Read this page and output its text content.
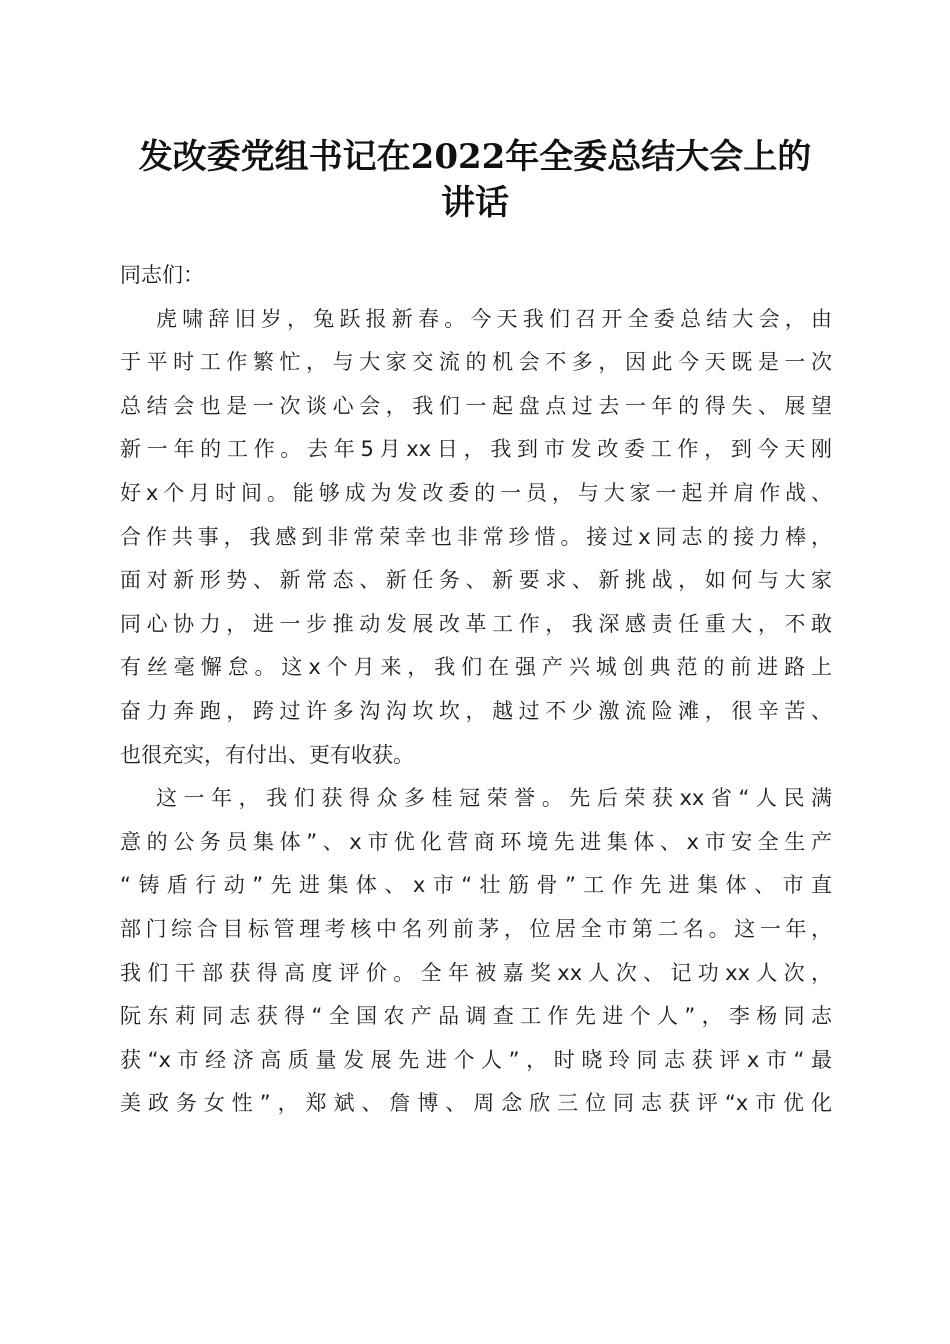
发改委党组书记在2022年全委总结大会上的
讲话
同志们：
虎啸辞旧岁，兔跃报新春。今天我们召开全委总结大会，由
于平时工作繁忙，与大家交流的机会不多，因此今天既是一次
总结会也是一次谈心会，我们一起盘点过去一年的得失、展望
新一年的工作。去年5月xx日，我到市发改委工作，到今天刚
好x个月时间。能够成为发改委的一员，与大家一起并肩作战、
合作共事，我感到非常荣幸也非常珍惜。接过x同志的接力棒，
面对新形势、新常态、新任务、新要求、新挑战，如何与大家
同心协力，进一步推动发展改革工作，我深感责任重大，不敢
有丝毫懈怠。这x个月来，我们在强产兴城创典范的前进路上
奋力奔跑，跨过许多沟沟坎坎，越过不少激流险滩，很辛苦、
也很充实，有付出、更有收获。
这一年，我们获得众多桂冠荣誉。先后荣获xx省“人民满
意的公务员集体”、x市优化营商环境先进集体、x市安全生产
“铸盾行动”先进集体、x市“壮筋骨”工作先进集体、市直
部门综合目标管理考核中名列前茅，位居全市第二名。这一年，
我们干部获得高度评价。全年被嘉奖xx人次、记功xx人次，
阮东莉同志获得“全国农产品调查工作先进个人”，李杨同志
获“x市经济高质量发展先进个人”，时晓玲同志获评x市“最
美政务女性”，郑斌、詹博、周念欣三位同志获评“x市优化
